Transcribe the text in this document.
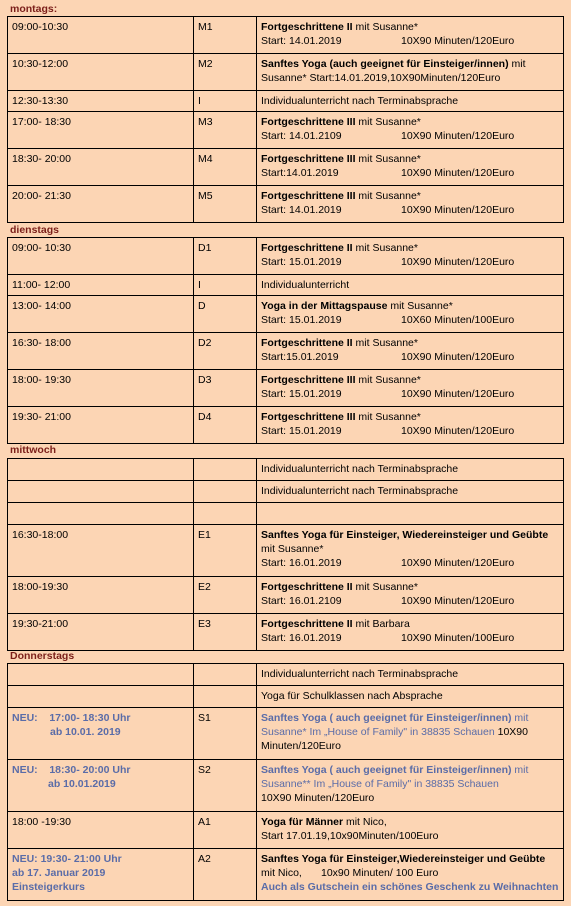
montags:
09:00-10:30	M1	Fortgeschrittene II mit Susanne*
Start: 14.01.2019 10X90 Minuten/120Euro
10:30-12:00	M2	Sanftes Yoga (auch geeignet für Einsteiger/innen) mit
Susanne* Start:14.01.2019,10X90Minuten/120Euro
12:30-13:30	I	Individualunterricht nach Terminabsprache
17:00- 18:30	M3	Fortgeschrittene III mit Susanne*
Start: 14.01.2109 10X90 Minuten/120Euro
18:30- 20:00	M4	Fortgeschrittene III mit Susanne*
Start:14.01.2019 10X90 Minuten/120Euro
20:00- 21:30	M5	Fortgeschrittene III mit Susanne*
Start: 14.01.2019 10X90 Minuten/120Euro
dienstags
09:00- 10:30	D1	Fortgeschrittene II mit Susanne*
Start: 15.01.2019 10X90 Minuten/120Euro
11:00- 12:00	I	Individualunterricht
13:00- 14:00	D	Yoga in der Mittagspause mit Susanne*
Start: 15.01.2019 10X60 Minuten/100Euro
16:30- 18:00	D2	Fortgeschrittene II mit Susanne*
Start:15.01.2019 10X90 Minuten/120Euro
18:00- 19:30	D3	Fortgeschrittene III mit Susanne*
Start: 15.01.2019 10X90 Minuten/120Euro
19:30- 21:00	D4	Fortgeschrittene III mit Susanne*
Start: 15.01.2019 10X90 Minuten/120Euro
mittwoch
		Individualunterricht nach Terminabsprache
		Individualunterricht nach Terminabsprache

16:30-18:00	E1	Sanftes Yoga für Einsteiger, Wiedereinsteiger und Geübte
mit Susanne*
Start: 16.01.2019 10X90 Minuten/120Euro
18:00-19:30	E2	Fortgeschrittene II mit Susanne*
Start: 16.01.2109 10X90 Minuten/120Euro
19:30-21:00	E3	Fortgeschrittene II mit Barbara
Start: 16.01.2019 10X90 Minuten/100Euro
Donnerstags
		Individualunterricht nach Terminabsprache
		Yoga für Schulklassen nach Absprache
NEU: 17:00- 18:30 Uhr
ab 10.01. 2019	S1	Sanftes Yoga ( auch geeignet für Einsteiger/innen) mit
Susanne* Im „House of Family" in 38835 Schauen 10X90
Minuten/120Euro
NEU: 18:30- 20:00 Uhr
ab 10.01.2019	S2	Sanftes Yoga ( auch geeignet für Einsteiger/innen) mit
Susanne** Im „House of Family" in 38835 Schauen
10X90 Minuten/120Euro
18:00 -19:30	A1	Yoga für Männer mit Nico,
Start 17.01.19,10x90Minuten/100Euro
NEU: 19:30- 21:00 Uhr
ab 17. Januar 2019
Einsteigerkurs	A2	Sanftes Yoga für Einsteiger,Wiedereinsteiger und Geübte
mit Nico, 10x90 Minuten/ 100 Euro
Auch als Gutschein ein schönes Geschenk zu Weihnachten
